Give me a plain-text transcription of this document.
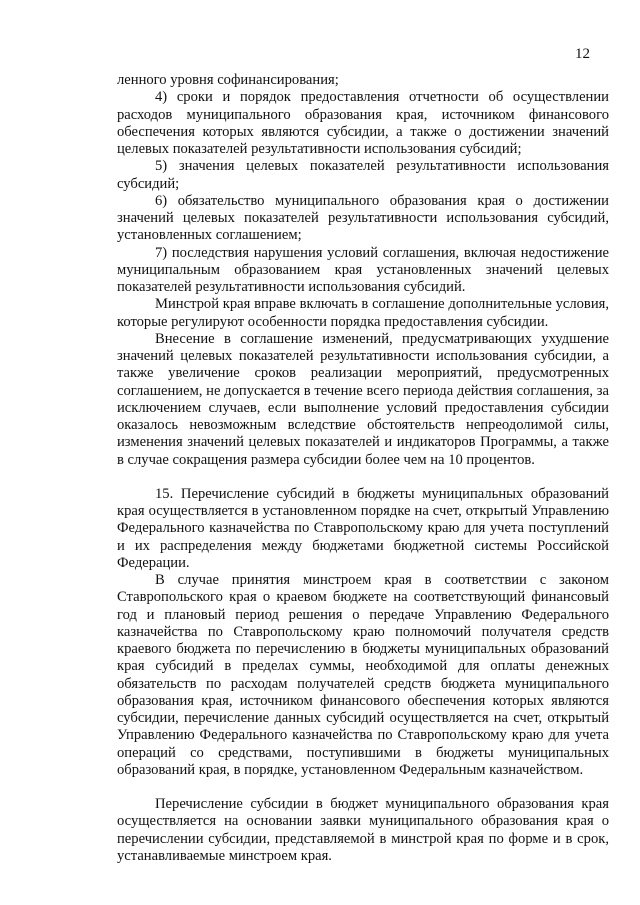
12

ленного уровня софинансирования;

4) сроки и порядок предоставления отчетности об осуществлении расходов муниципального образования края, источником финансового обеспечения которых являются субсидии, а также о достижении значений целевых показателей результативности использования субсидий;

5) значения целевых показателей результативности использования субсидий;

6) обязательство муниципального образования края о достижении значений целевых показателей результативности использования субсидий, установленных соглашением;

7) последствия нарушения условий соглашения, включая недостижение муниципальным образованием края установленных значений целевых показателей результативности использования субсидий.

Минстрой края вправе включать в соглашение дополнительные условия, которые регулируют особенности порядка предоставления субсидии.

Внесение в соглашение изменений, предусматривающих ухудшение значений целевых показателей результативности использования субсидии, а также увеличение сроков реализации мероприятий, предусмотренных соглашением, не допускается в течение всего периода действия соглашения, за исключением случаев, если выполнение условий предоставления субсидии оказалось невозможным вследствие обстоятельств непреодолимой силы, изменения значений целевых показателей и индикаторов Программы, а также в случае сокращения размера субсидии более чем на 10 процентов.

15. Перечисление субсидий в бюджеты муниципальных образований края осуществляется в установленном порядке на счет, открытый Управлению Федерального казначейства по Ставропольскому краю для учета поступлений и их распределения между бюджетами бюджетной системы Российской Федерации.

В случае принятия минстроем края в соответствии с законом Ставропольского края о краевом бюджете на соответствующий финансовый год и плановый период решения о передаче Управлению Федерального казначейства по Ставропольскому краю полномочий получателя средств краевого бюджета по перечислению в бюджеты муниципальных образований края субсидий в пределах суммы, необходимой для оплаты денежных обязательств по расходам получателей средств бюджета муниципального образования края, источником финансового обеспечения которых являются субсидии, перечисление данных субсидий осуществляется на счет, открытый Управлению Федерального казначейства по Ставропольскому краю для учета операций со средствами, поступившими в бюджеты муниципальных образований края, в порядке, установленном Федеральным казначейством.

Перечисление субсидии в бюджет муниципального образования края осуществляется на основании заявки муниципального образования края о перечислении субсидии, представляемой в минстрой края по форме и в срок, устанавливаемые минстроем края.
